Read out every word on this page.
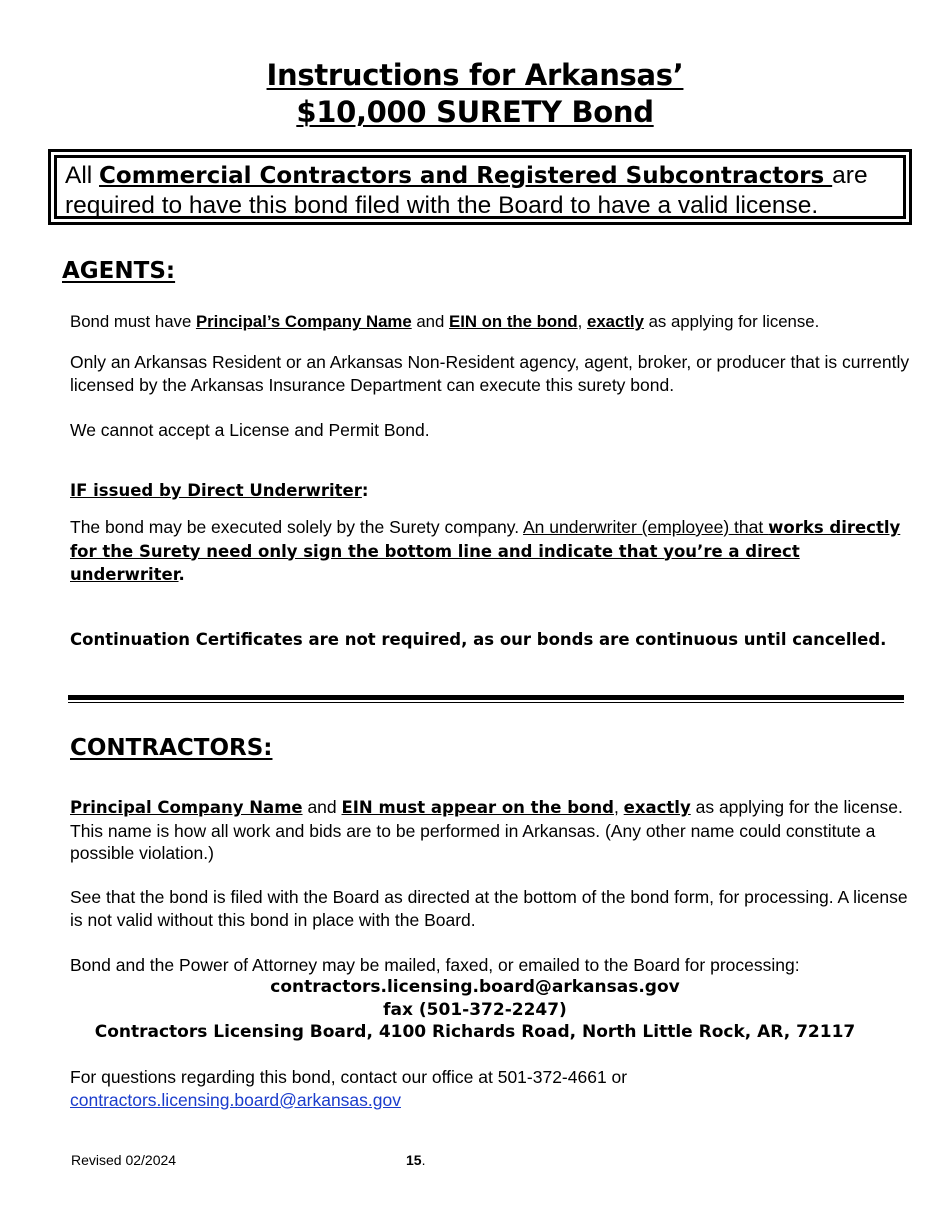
Instructions for Arkansas’
$10,000 SURETY Bond
All Commercial Contractors and Registered Subcontractors are required to have this bond filed with the Board to have a valid license.
AGENTS:
Bond must have Principal’s Company Name and EIN on the bond, exactly as applying for license.
Only an Arkansas Resident or an Arkansas Non-Resident agency, agent, broker, or producer that is currently licensed by the Arkansas Insurance Department can execute this surety bond.
We cannot accept a License and Permit Bond.
IF issued by Direct Underwriter:
The bond may be executed solely by the Surety company. An underwriter (employee) that works directly for the Surety need only sign the bottom line and indicate that you’re a direct underwriter.
Continuation Certificates are not required, as our bonds are continuous until cancelled.
CONTRACTORS:
Principal Company Name and EIN must appear on the bond, exactly as applying for the license. This name is how all work and bids are to be performed in Arkansas. (Any other name could constitute a possible violation.)
See that the bond is filed with the Board as directed at the bottom of the bond form, for processing. A license is not valid without this bond in place with the Board.
Bond and the Power of Attorney may be mailed, faxed, or emailed to the Board for processing:
contractors.licensing.board@arkansas.gov
fax (501-372-2247)
Contractors Licensing Board, 4100 Richards Road, North Little Rock, AR, 72117
For questions regarding this bond, contact our office at 501-372-4661 or
contractors.licensing.board@arkansas.gov
Revised 02/2024	15.
